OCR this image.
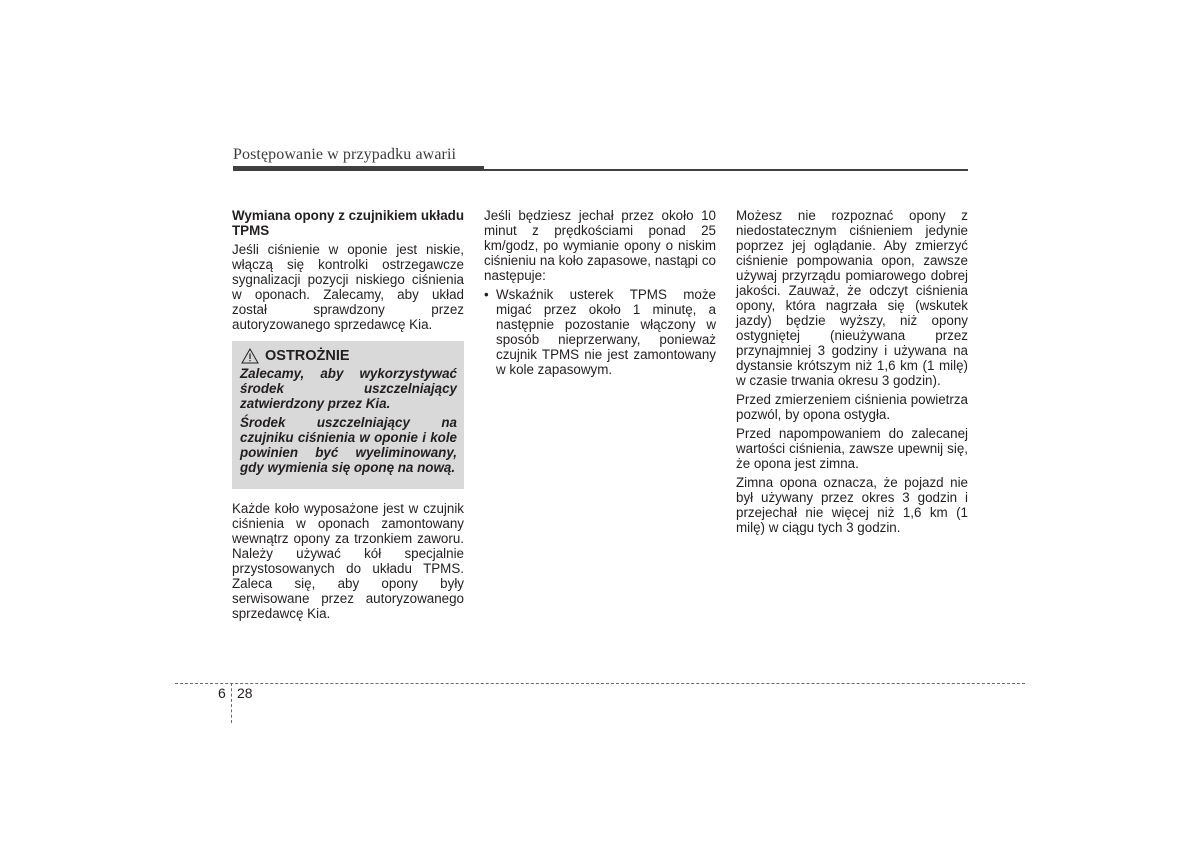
Postępowanie w przypadku awarii

Wymiana opony z czujnikiem układu TPMS

Jeśli ciśnienie w oponie jest niskie, włączą się kontrolki ostrzegawcze sygnalizacji pozycji niskiego ciśnienia w oponach. Zalecamy, aby układ został sprawdzony przez autoryzowanego sprzedawcę Kia.

OSTROŻNIE

Zalecamy, aby wykorzystywać środek uszczelniający zatwierdzony przez Kia.

Środek uszczelniający na czujniku ciśnienia w oponie i kole powinien być wyeliminowany, gdy wymienia się oponę na nową.

Każde koło wyposażone jest w czujnik ciśnienia w oponach zamontowany wewnątrz opony za trzonkiem zaworu. Należy używać kół specjalnie przystosowanych do układu TPMS. Zaleca się, aby opony były serwisowane przez autoryzowanego sprzedawcę Kia.

Jeśli będziesz jechał przez około 10 minut z prędkościami ponad 25 km/godz, po wymianie opony o niskim ciśnieniu na koło zapasowe, nastąpi co następuje:

• Wskaźnik usterek TPMS może migać przez około 1 minutę, a następnie pozostanie włączony w sposób nieprzerwany, ponieważ czujnik TPMS nie jest zamontowany w kole zapasowym.

Możesz nie rozpoznać opony z niedostatecznym ciśnieniem jedynie poprzez jej oglądanie. Aby zmierzyć ciśnienie pompowania opon, zawsze używaj przyrządu pomiarowego dobrej jakości. Zauważ, że odczyt ciśnienia opony, która nagrzała się (wskutek jazdy) będzie wyższy, niż opony ostygniętej (nieużywana przez przynajmniej 3 godziny i używana na dystansie krótszym niż 1,6 km (1 milę) w czasie trwania okresu 3 godzin).

Przed zmierzeniem ciśnienia powietrza pozwól, by opona ostygła.

Przed napompowaniem do zalecanej wartości ciśnienia, zawsze upewnij się, że opona jest zimna.

Zimna opona oznacza, że pojazd nie był używany przez okres 3 godzin i przejechał nie więcej niż 1,6 km (1 milę) w ciągu tych 3 godzin.

6 28
